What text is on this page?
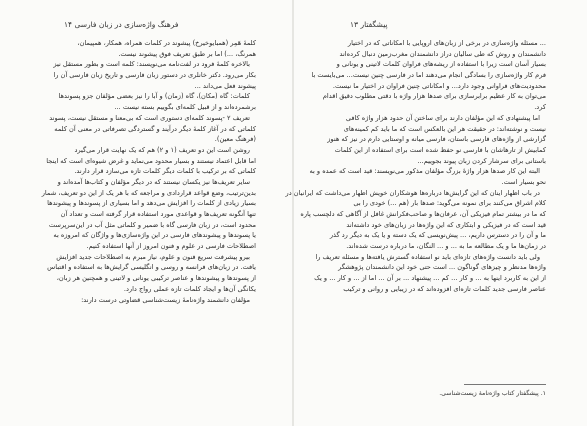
فرهنگ واژه‌سازی در زبان فارسی ۱۴
کلمهٔ هَمِر (همبایوخیرخ) پیشوند در کلمات همراه، همکار، همپیمان،
همرنگ، ...) اما بر طبق تعریف فوق پیشوند نیست.
بالاخره کلمهٔ فرود در لفت‌نامه می‌نویسند: کلمه است و بطور مستقل نیز
بکار می‌رود. دکتر خانلری در دستور زبان فارسی و تاریخ زبان فارسی آن را
پیشوند فعل می‌داند ...
کلمات: گاه (مکان)، گاه (زمان) و آبا را نیز بعضی مؤلفان جزو پسوندها
برشمرده‌اند و از قبیل کلمه‌ای بگوییم بسته نیست ...
تعریف ۲ -پسوند کلمه‌ای دستوری است که بی‌معنا و مستقل نیست، پسوند
کلماتی که در آغاز کلمهٔ دیگر درآیند و گستردگی تصرفاتی در معنی آن کلمه
(فرهنگ معین).
روشن است این دو تعریف (۱ و ۲) هم که یک نهایت قرار می‌گیرد
اما قابل اعتماد نیستند و بسیار محدود می‌نماید و غرض شیوه‌ای است که اینجا
کلماتی که بر ترکیب با کلمات دیگر کلمات تازه می‌سازد قرار دارند.
سایر تعریف‌ها نیز یکسان نیستند که در دیگر مؤلفان و کتاب‌ها آمده‌اند و
بدین‌ترتیب، وضع قواعد قراردادی و مراجعه که با هر یک از این دو تعریف، شمار
بسیار زیادی از کلمات را افزایش می‌دهد و اما بسیاری از پسوندها و پیشوندها
تنها آنگونه تعریف‌ها و قواعدی مورد استفاده قرار گرفته است و تعداد آن
محدود است، در زبان فارسی گاه با ضمیر و کلماتی مثل آب در این‌سرپرست
یا پسوندها و پیشوندهای فارسی در این واژه‌سازی‌ها و واژگان که امروزه به
اصطلاحات فارسی در علوم و فنون امروز از آنها استفاده کنیم.
بیرو پیشرفت سریع فنون و علوم، نیاز مبرم به اصطلاحات جدید افزایش
یافت. در زبان‌های فرانسه و روسی و انگلیسی گرایش‌ها به استفاده و اقتباس
از پسوندها و پیشوندها و عناصر ترکیبی یونانی و لاتینی و همچنین هر زبان،
یکانگی آن‌ها و ایجاد کلمات تازه عملی رواج دارد.
مؤلفان دانشمند واژه‌نامهٔ زیست‌شناسی قضاوتی درست دارند:
پیشگفتار ۱۳
... مسئله واژه‌سازی در برخی از زبان‌های اروپایی با امکاناتی که در اختیار
دانشمندان و روش که طی سالیان دراز دانشمندان مغرب‌زمین دنبال کرده‌اند
بسیار آسان است زیرا با استفاده از ریشه‌های فراوان کلمات لاتینی و یونانی و
فرم کار واژه‌سازی را بسادگی انجام می‌دهند اما در فارسی چنین نیست... می‌بایست با
محدودیت‌های فراوانی وجود دارد... و امکاناتی چنین فراوان در اختیار ما نیست.
می‌توان به کار عظیم برابرسازی برای صدها هزار واژه با دقتی مطلوب دقیق اقدام
کرد.
اما پیشنهادی که این مؤلفان دارند برای ساختن آن حدود هزار واژه کافی
نیست و نوشته‌اند: در حقیقت هر این بالعکس است که ما باید کم کمینه‌های
گزارشی از واژه‌های فارسی باستان، فارسی میانه و اوستایی دارم در نیز که هنوز
کمابیش از تارهاشان با فارسی نو حفظ شده است برای استفاده از این کلمات
باستانی برای سرشار کردن زبان پیوند بجوییم...
البته این کار صدها هزار واژهٔ بزرگ مؤلفان مذکور می‌نویسند: قید است که عمده و به
نحو بسیار است.
در باب اظهار اینان که این گرایش‌ها درباره‌ها هوشکاران خویش اظهار می‌داشت که ایرانیان در
کلام اشراق می‌کنند برای نمونه می‌گوید: صدها بار (هم ...) خودی را بی
که ما در بیشتر تمام فیزیکی آن، عرفان‌ها و صاحب‌فکرانش غافل از آگاهی که دلچسب پاره
قید است که در فیزیکی و ابتکاری که این واژه‌ها در زبان‌های خود داشته‌اند
ما و آن را در دسترس داریم، ... پیش‌نویسی که یک دسته و یا یک به دیگر رد گذر
در زمان‌ها ما و یک مطالعه ما به ... و ... النگان، ما درباره درست شده‌اند.
ولی باید دانست واژه‌های تازه‌ای باید نو استفاده گسترش یافته‌ها و مسئله تعریف را
واژه‌ها مدنظر و چیزهای گوناگون ... است حتی خود این دانشمندان پژوهشگر
از این به کاربرد اینها به ... و کار ... کم ... پیشنهاد ... بر آن ... اما از ... و کار ... و یک
عناصر فارسی جدید کلمات تازه‌ای افزوده‌اند که در زیبایی و روانی و ترکیب
۱. پیشگفتار کتاب واژه‌نامهٔ زیست‌شناسی.
